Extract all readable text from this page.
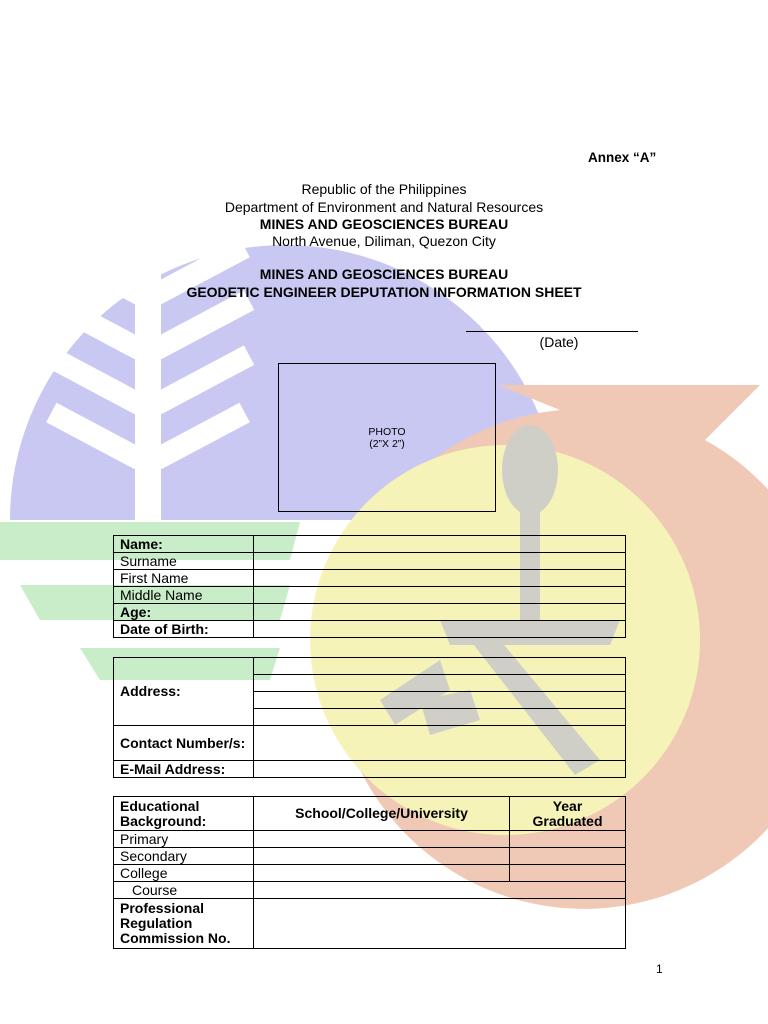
Annex “A”
Republic of the Philippines
Department of Environment and Natural Resources
MINES AND GEOSCIENCES BUREAU
North Avenue, Diliman, Quezon City
MINES AND GEOSCIENCES BUREAU
GEODETIC ENGINEER DEPUTATION INFORMATION SHEET
(Date)
PHOTO
(2”X 2”)
Name:	
Surname	
First Name	
Middle Name	
Age:	
Date of Birth:	
Address:	

Contact Number/s:	
E-Mail Address:	
Educational Background:	School/College/University	Year Graduated
Primary		
Secondary		
College		
Course		
Professional Regulation Commission No.		
1
